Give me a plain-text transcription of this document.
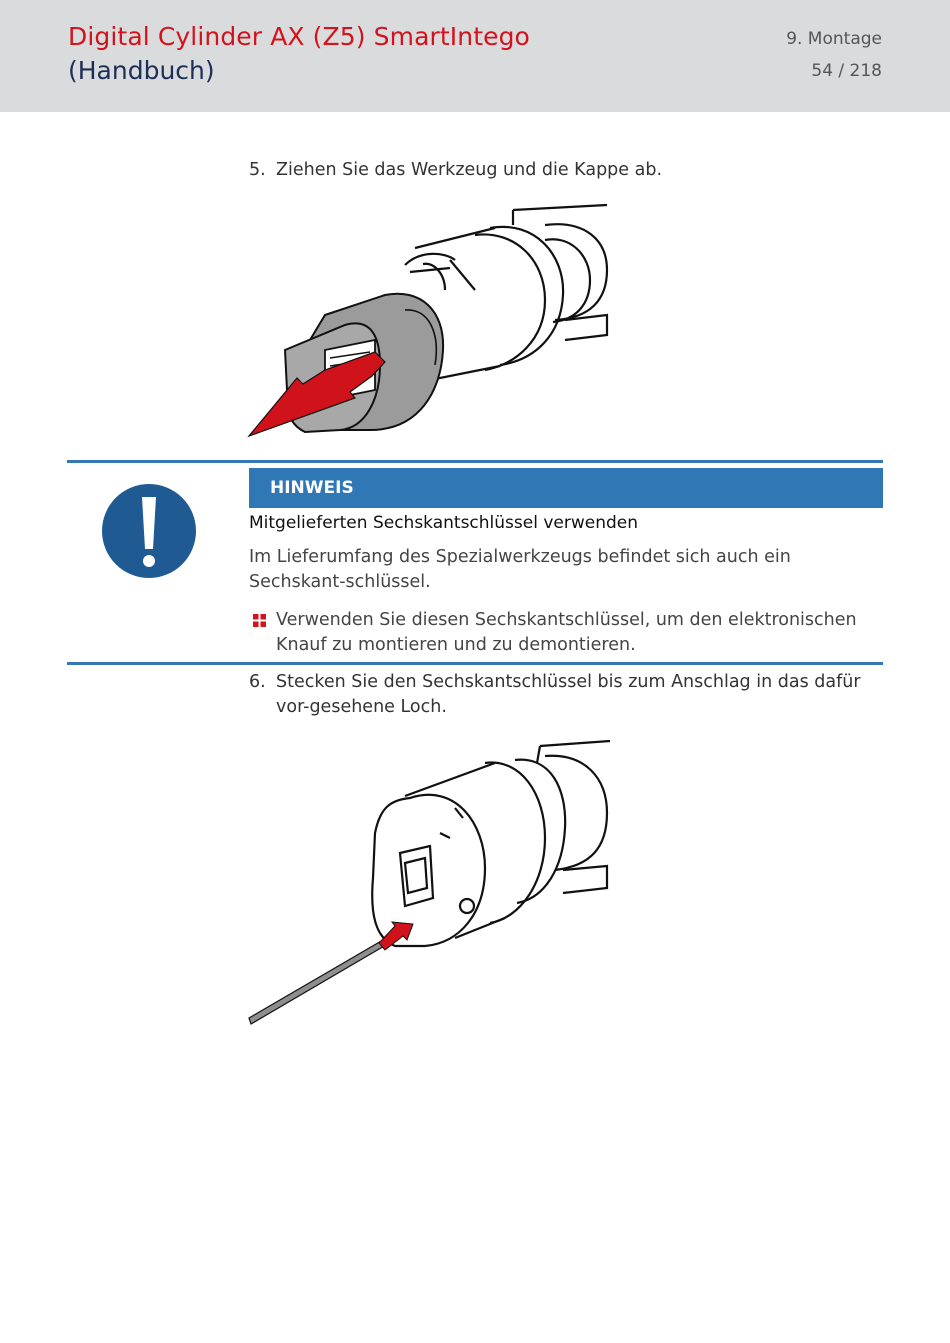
Digital Cylinder AX (Z5) SmartIntego
(Handbuch)
9. Montage
54 / 218
5. Ziehen Sie das Werkzeug und die Kappe ab.
HINWEIS
Mitgelieferten Sechskantschlüssel verwenden
Im Lieferumfang des Spezialwerkzeugs befindet sich auch ein Sechskant-schlüssel.
Verwenden Sie diesen Sechskantschlüssel, um den elektronischen Knauf zu montieren und zu demontieren.
6. Stecken Sie den Sechskantschlüssel bis zum Anschlag in das dafür vor-gesehene Loch.
